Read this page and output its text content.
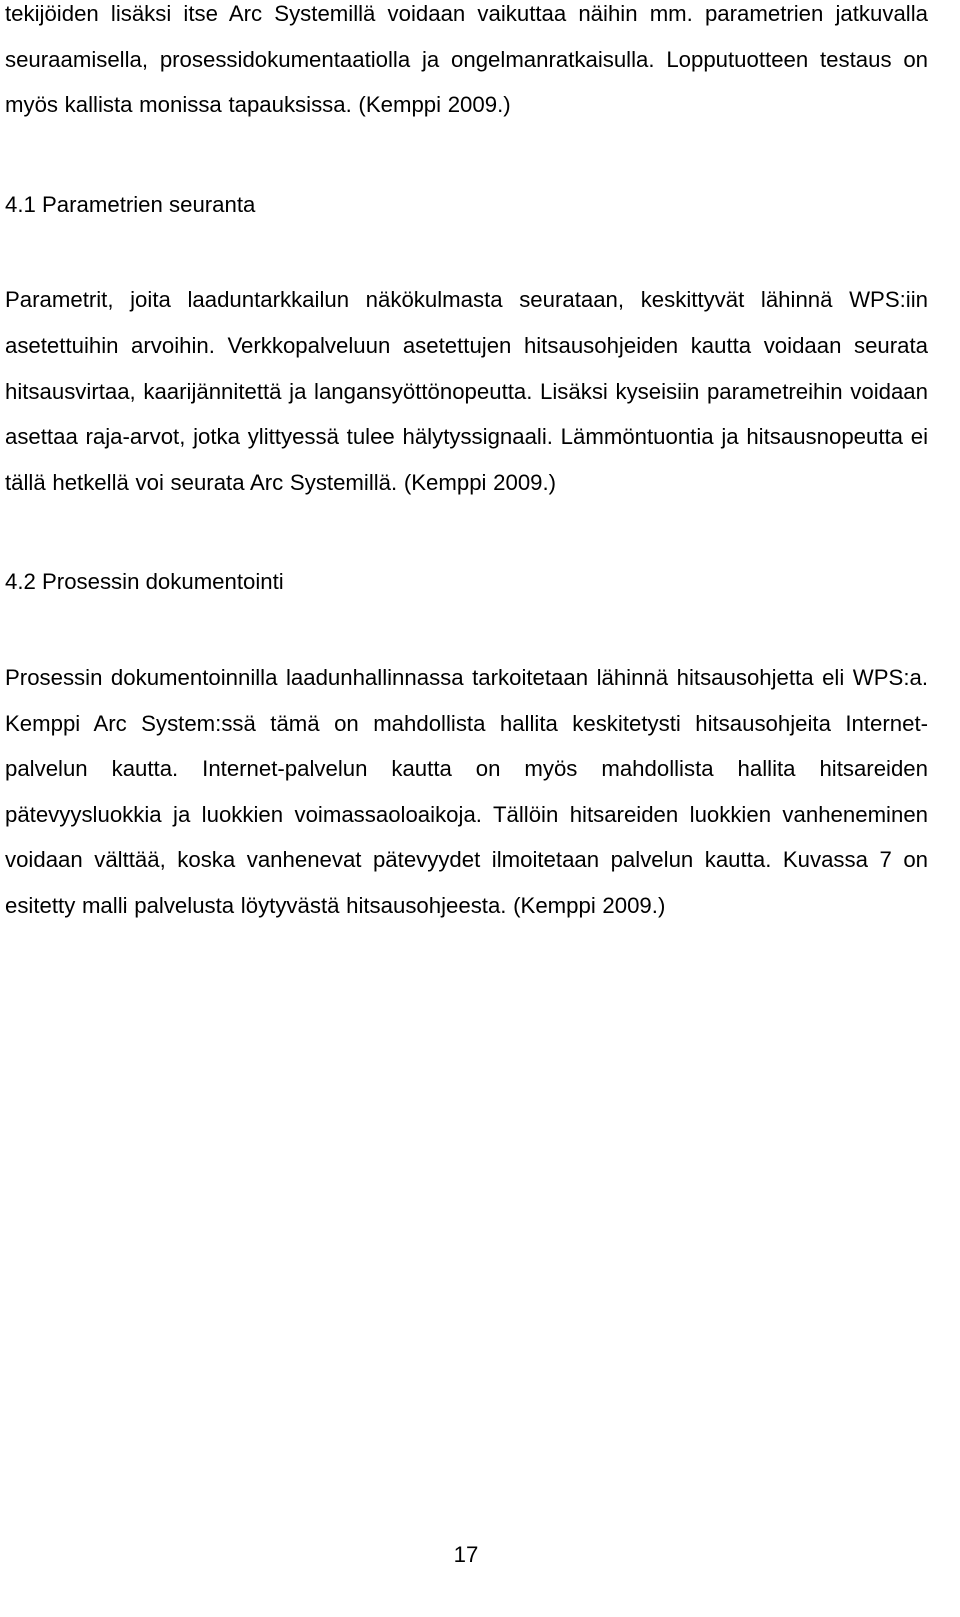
tekijöiden lisäksi itse Arc Systemillä voidaan vaikuttaa näihin mm. parametrien jatkuvalla seuraamisella, prosessidokumentaatiolla ja ongelmanratkaisulla. Lopputuotteen testaus on myös kallista monissa tapauksissa. (Kemppi 2009.)

4.1 Parametrien seuranta

Parametrit, joita laaduntarkkailun näkökulmasta seurataan, keskittyvät lähinnä WPS:iin asetettuihin arvoihin. Verkkopalveluun asetettujen hitsausohjeiden kautta voidaan seurata hitsausvirtaa, kaarijännitettä ja langansyöttönopeutta. Lisäksi kyseisiin parametreihin voidaan asettaa raja-arvot, jotka ylittyessä tulee hälytyssignaali. Lämmöntuontia ja hitsausnopeutta ei tällä hetkellä voi seurata Arc Systemillä. (Kemppi 2009.)

4.2 Prosessin dokumentointi

Prosessin dokumentoinnilla laadunhallinnassa tarkoitetaan lähinnä hitsausohjetta eli WPS:a. Kemppi Arc System:ssä tämä on mahdollista hallita keskitetysti hitsausohjeita Internet-palvelun kautta. Internet-palvelun kautta on myös mahdollista hallita hitsareiden pätevyysluokkia ja luokkien voimassaoloaikoja. Tällöin hitsareiden luokkien vanheneminen voidaan välttää, koska vanhenevat pätevyydet ilmoitetaan palvelun kautta. Kuvassa 7 on esitetty malli palvelusta löytyvästä hitsausohjeesta. (Kemppi 2009.)

17
